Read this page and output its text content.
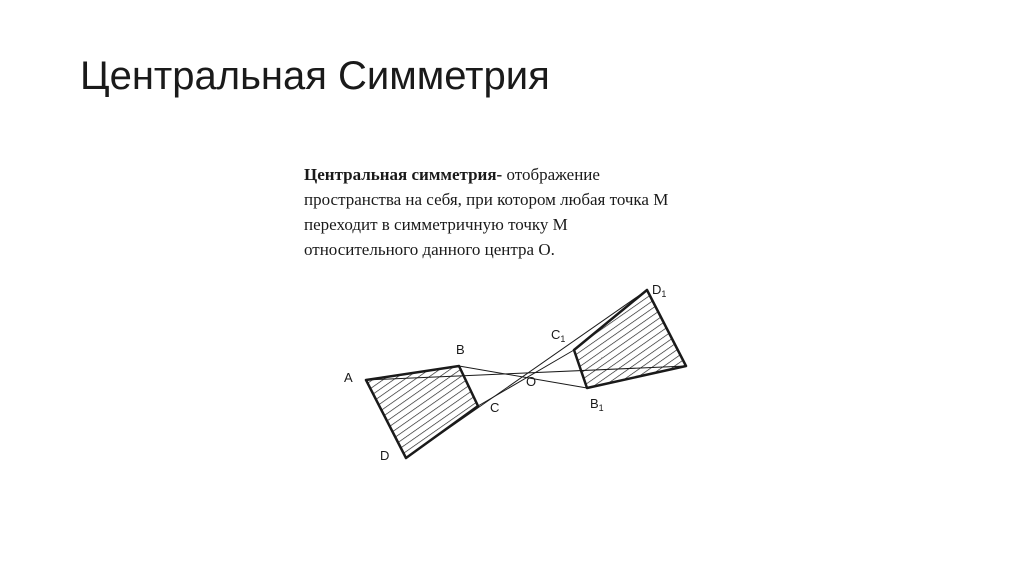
Центральная Симметрия
Центральная симметрия- отображение
пространства на себя, при котором любая точка М
переходит в симметричную точку М
относительного данного центра О.
A
B
C
D
O
$B_1$
$C_1$
$D_1$
